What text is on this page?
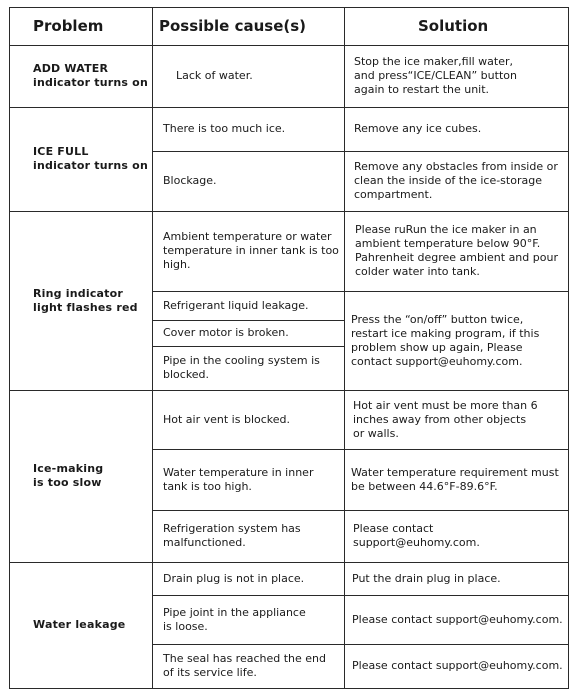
Problem	Possible cause(s)	Solution
ADD WATER
indicator turns on
Lack of water.
Stop the ice maker,fill water,
and press“ICE/CLEAN” button
again to restart the unit.
ICE FULL
indicator turns on
There is too much ice.
Blockage.
Remove any ice cubes.
Remove any obstacles from inside or
clean the inside of the ice-storage
compartment.
Ring indicator
light flashes red
Ambient temperature or water
temperature in inner tank is too
high.
Refrigerant liquid leakage.
Cover motor is broken.
Pipe in the cooling system is
blocked.
Please ruRun the ice maker in an
ambient temperature below 90°F.
Pahrenheit degree ambient and pour
colder water into tank.
Press the “on/off” button twice,
restart ice making program, if this
problem show up again, Please
contact support@euhomy.com.
Ice-making
is too slow
Hot air vent is blocked.
Water temperature in inner
tank is too high.
Refrigeration system has
malfunctioned.
Hot air vent must be more than 6
inches away from other objects
or walls.
Water temperature requirement must
be between 44.6°F-89.6°F.
Please contact
support@euhomy.com.
Water leakage
Drain plug is not in place.
Pipe joint in the appliance
is loose.
The seal has reached the end
of its service life.
Put the drain plug in place.
Please contact support@euhomy.com.
Please contact support@euhomy.com.
